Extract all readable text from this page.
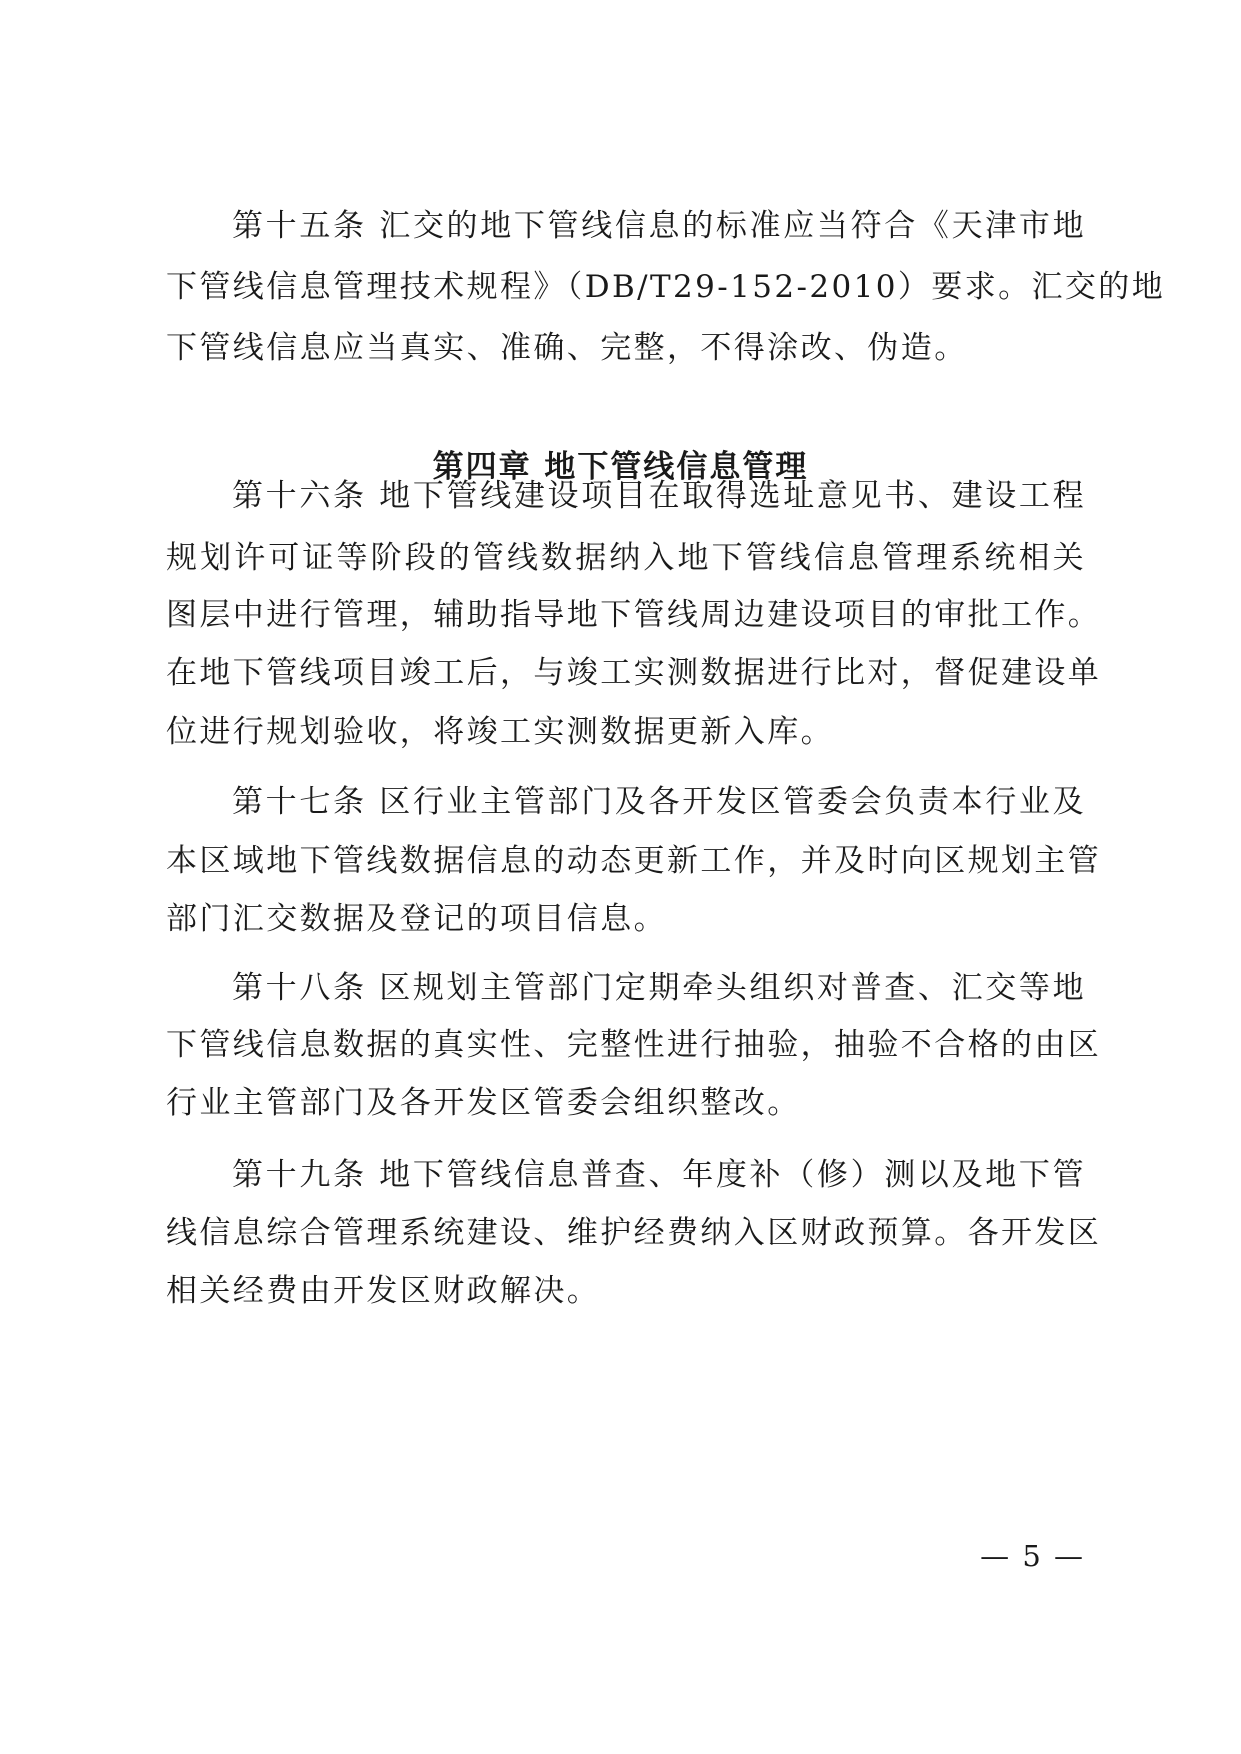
第十五条 汇交的地下管线信息的标准应当符合《天津市地
下管线信息管理技术规程》（DB/T29-152-2010）要求。汇交的地
下管线信息应当真实、准确、完整，不得涂改、伪造。
第四章 地下管线信息管理
第十六条 地下管线建设项目在取得选址意见书、建设工程
规划许可证等阶段的管线数据纳入地下管线信息管理系统相关
图层中进行管理，辅助指导地下管线周边建设项目的审批工作。
在地下管线项目竣工后，与竣工实测数据进行比对，督促建设单
位进行规划验收，将竣工实测数据更新入库。
第十七条 区行业主管部门及各开发区管委会负责本行业及
本区域地下管线数据信息的动态更新工作，并及时向区规划主管
部门汇交数据及登记的项目信息。
第十八条 区规划主管部门定期牵头组织对普查、汇交等地
下管线信息数据的真实性、完整性进行抽验，抽验不合格的由区
行业主管部门及各开发区管委会组织整改。
第十九条 地下管线信息普查、年度补（修）测以及地下管
线信息综合管理系统建设、维护经费纳入区财政预算。各开发区
相关经费由开发区财政解决。
— 5 —
